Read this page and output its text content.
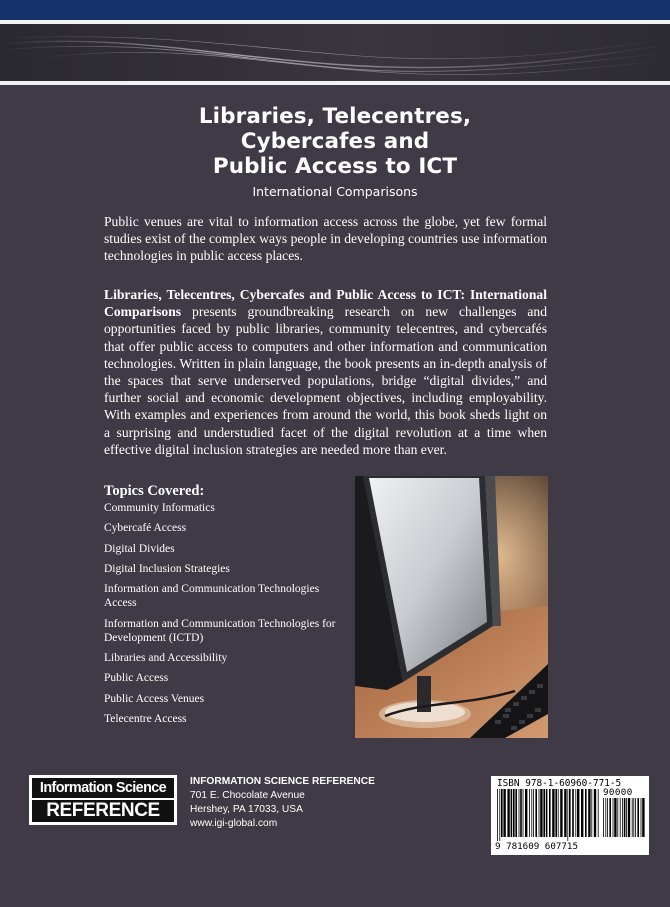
Libraries, Telecentres,
Cybercafes and
Public Access to ICT
International Comparisons

Public venues are vital to information access across the globe, yet few formal studies exist of the complex ways people in developing countries use information technologies in public access places.

Libraries, Telecentres, Cybercafes and Public Access to ICT: International Comparisons presents groundbreaking research on new challenges and opportunities faced by public libraries, community telecentres, and cybercafés that offer public access to computers and other information and communication technologies. Written in plain language, the book presents an in-depth analysis of the spaces that serve underserved populations, bridge “digital divides,” and further social and economic development objectives, including employability. With examples and experiences from around the world, this book sheds light on a surprising and understudied facet of the digital revolution at a time when effective digital inclusion strategies are needed more than ever.

Topics Covered:
Community Informatics
Cybercafé Access
Digital Divides
Digital Inclusion Strategies
Information and Communication Technologies Access
Information and Communication Technologies for Development (ICTD)
Libraries and Accessibility
Public Access
Public Access Venues
Telecentre Access
Information Science
REFERENCE
INFORMATION SCIENCE REFERENCE
701 E. Chocolate Avenue
Hershey, PA 17033, USA
www.igi-global.com
ISBN 978-1-60960-771-5
90000
9 781609 607715
